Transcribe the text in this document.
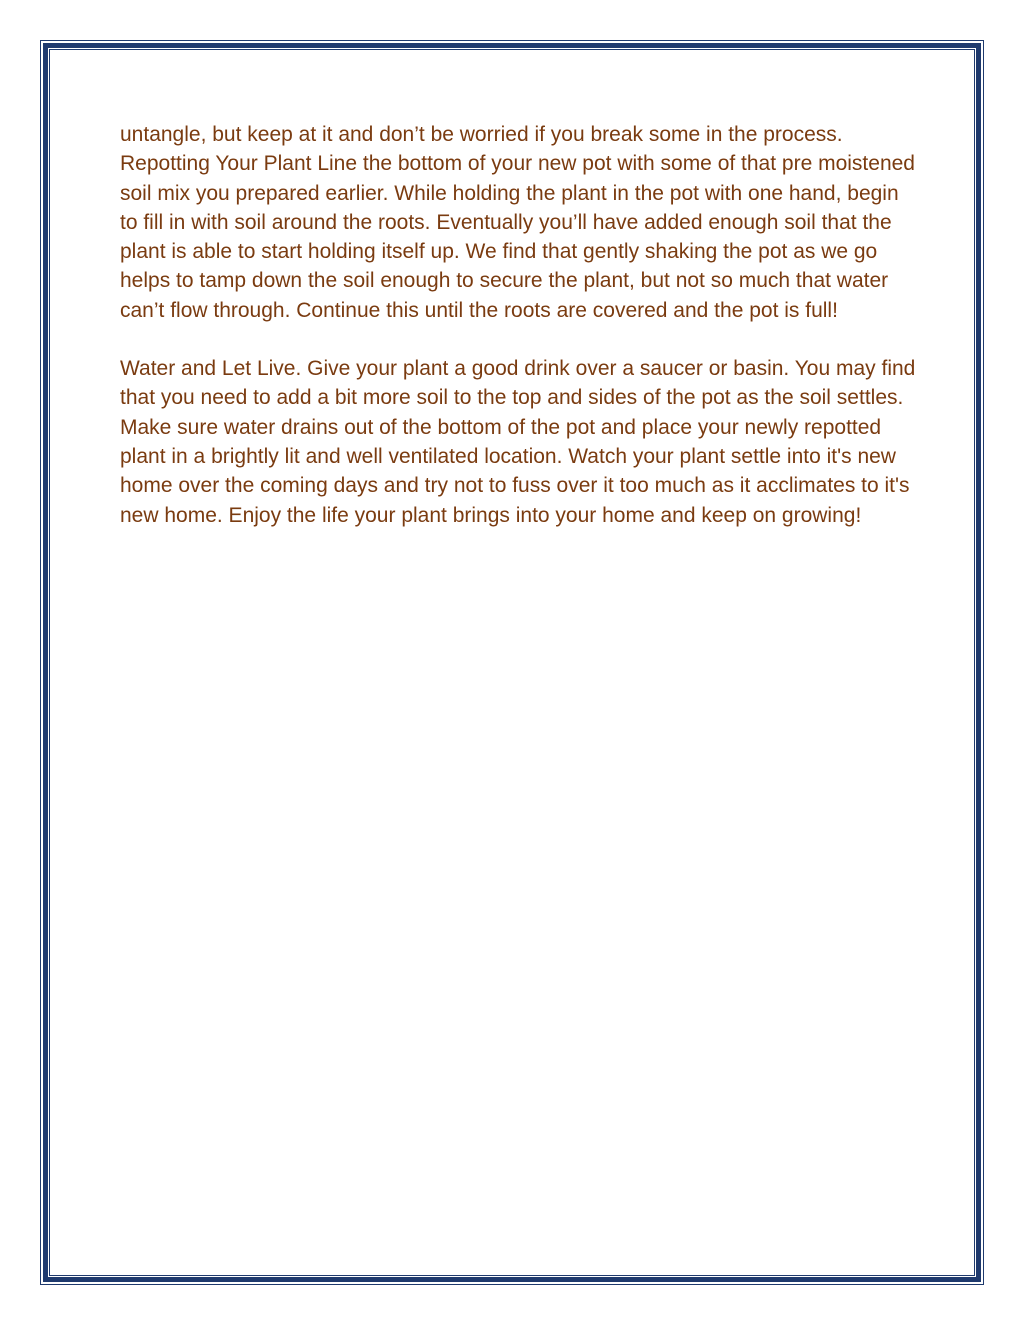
untangle, but keep at it and don’t be worried if you break some in the process. Repotting Your Plant Line the bottom of your new pot with some of that pre moistened soil mix you prepared earlier. While holding the plant in the pot with one hand, begin to fill in with soil around the roots. Eventually you’ll have added enough soil that the plant is able to start holding itself up. We find that gently shaking the pot as we go helps to tamp down the soil enough to secure the plant, but not so much that water can’t flow through. Continue this until the roots are covered and the pot is full!

Water and Let Live. Give your plant a good drink over a saucer or basin. You may find that you need to add a bit more soil to the top and sides of the pot as the soil settles. Make sure water drains out of the bottom of the pot and place your newly repotted plant in a brightly lit and well ventilated location. Watch your plant settle into it's new home over the coming days and try not to fuss over it too much as it acclimates to it's new home. Enjoy the life your plant brings into your home and keep on growing!
